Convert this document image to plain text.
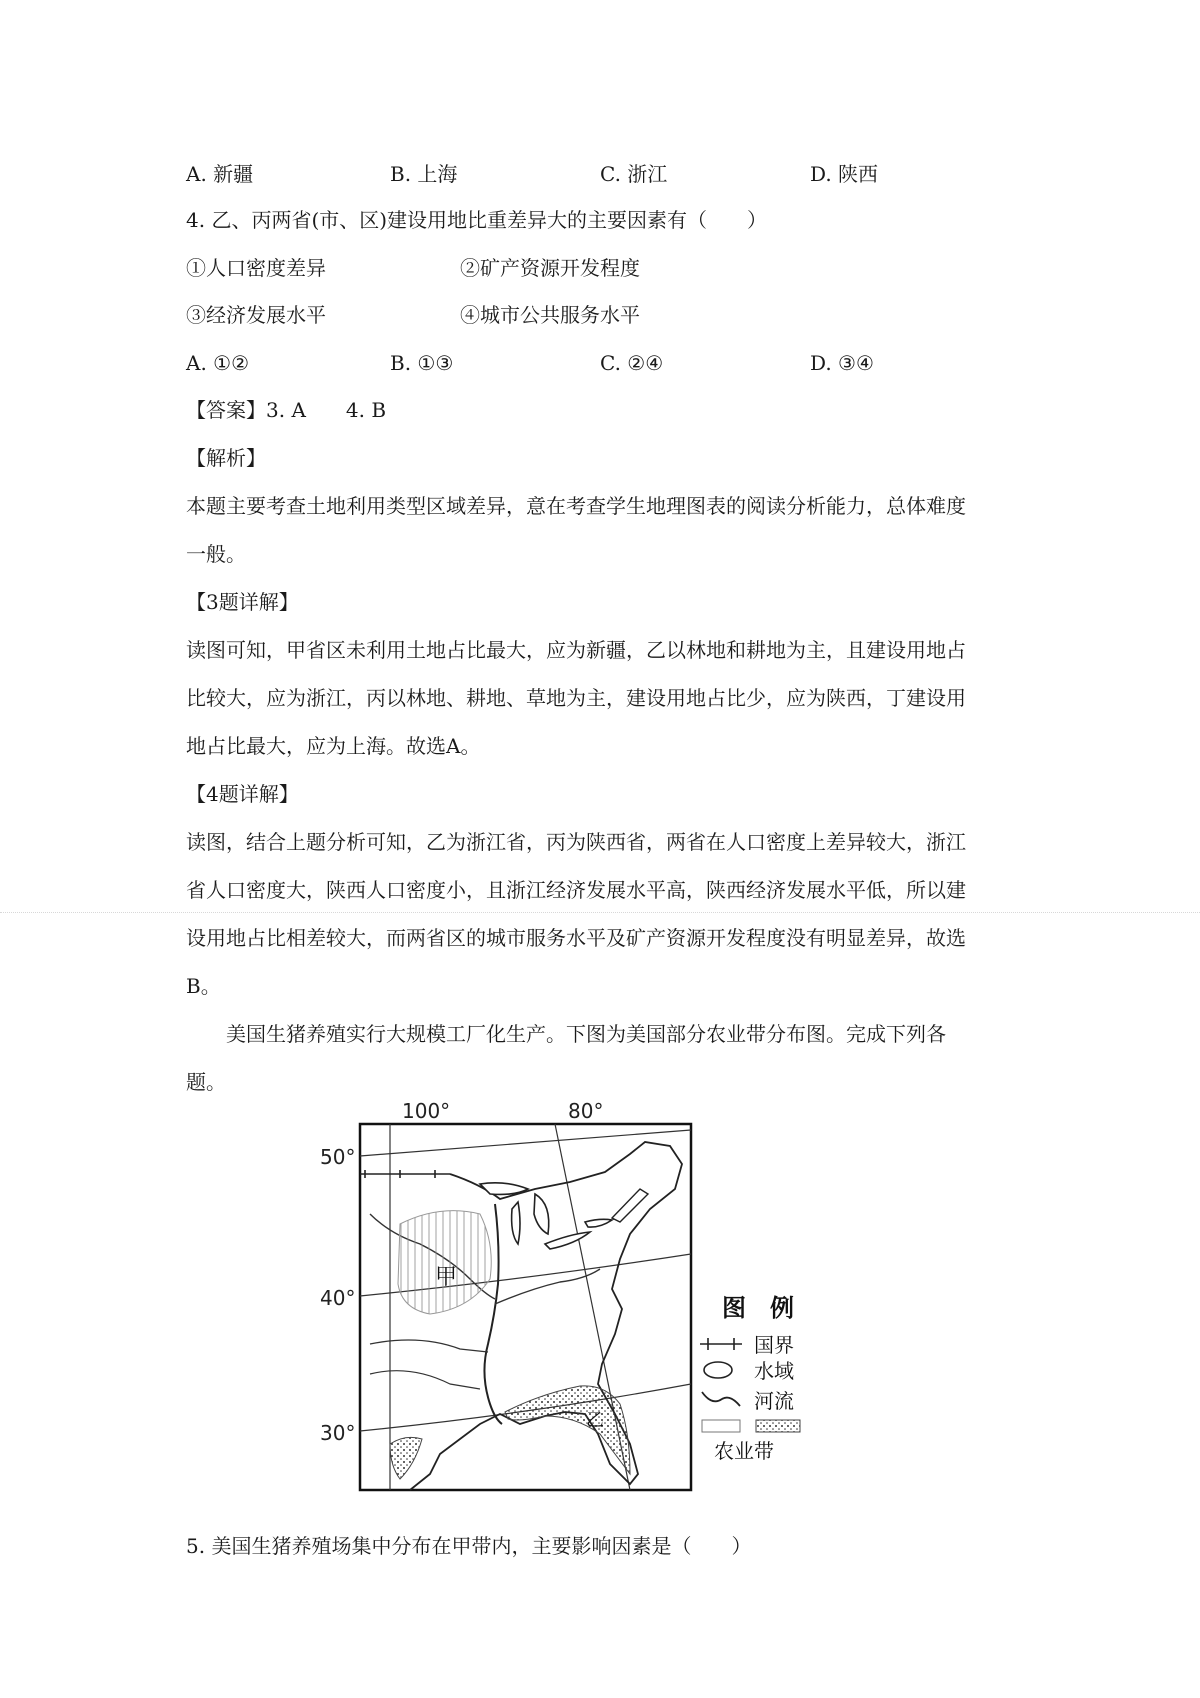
A. 新疆	B. 上海	C. 浙江	D. 陕西
4. 乙、丙两省(市、区)建设用地比重差异大的主要因素有（　　）
①人口密度差异	②矿产资源开发程度
③经济发展水平	④城市公共服务水平
A. ①②	B. ①③	C. ②④	D. ③④
【答案】3. A　　4. B
【解析】
本题主要考查土地利用类型区域差异，意在考查学生地理图表的阅读分析能力，总体难度
一般。
【3题详解】
读图可知，甲省区未利用土地占比最大，应为新疆，乙以林地和耕地为主，且建设用地占
比较大，应为浙江，丙以林地、耕地、草地为主，建设用地占比少，应为陕西，丁建设用
地占比最大，应为上海。故选A。
【4题详解】
读图，结合上题分析可知，乙为浙江省，丙为陕西省，两省在人口密度上差异较大，浙江
省人口密度大，陕西人口密度小，且浙江经济发展水平高，陕西经济发展水平低，所以建
设用地占比相差较大，而两省区的城市服务水平及矿产资源开发程度没有明显差异，故选
B。
美国生猪养殖实行大规模工厂化生产。下图为美国部分农业带分布图。完成下列各
题。
100°	80°
50°
40°
30°
甲
乙
图　例
国界
水域
河流
农业带
5. 美国生猪养殖场集中分布在甲带内，主要影响因素是（　　）
